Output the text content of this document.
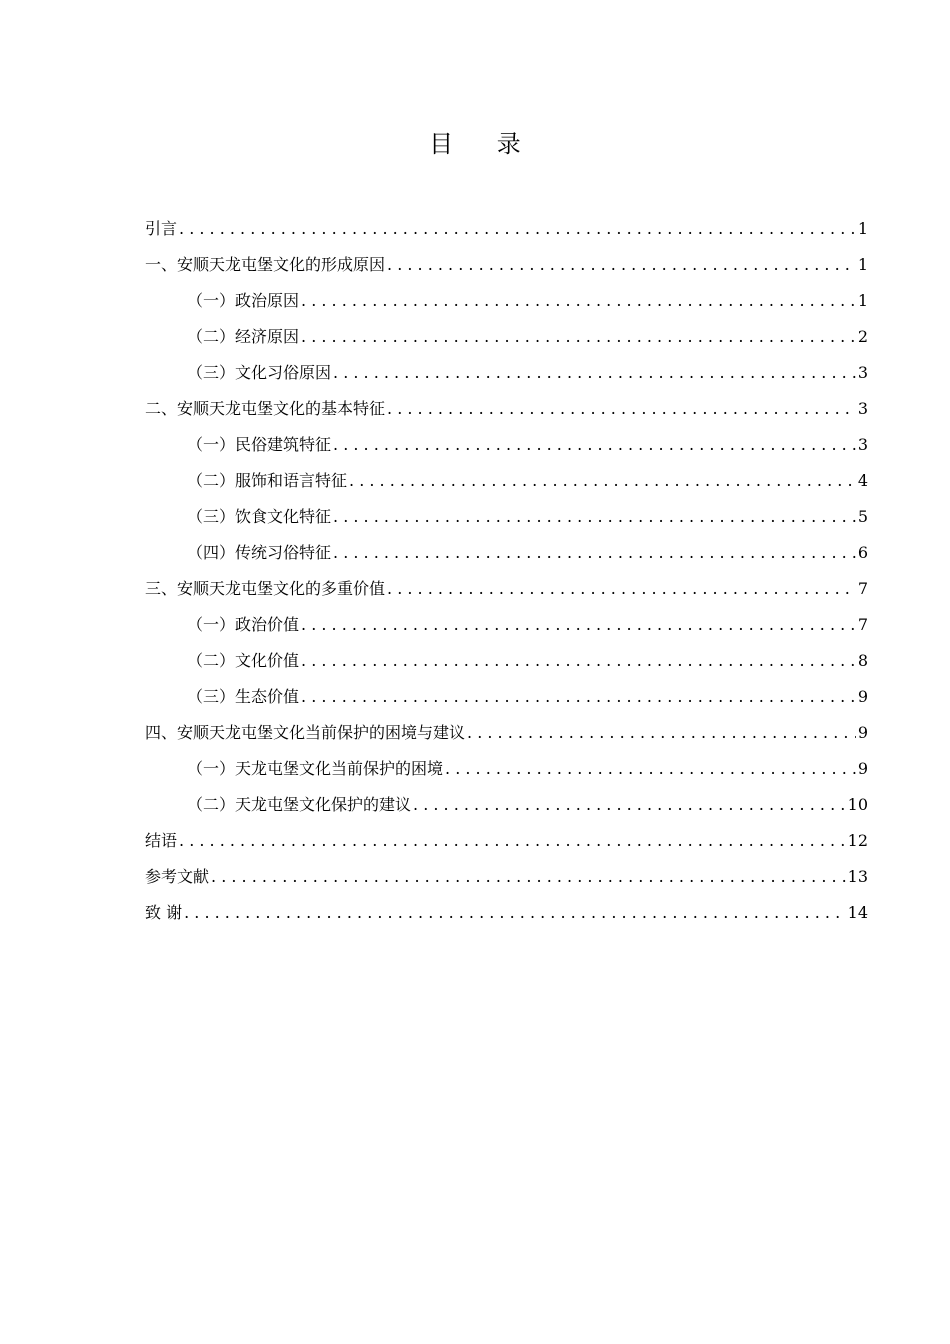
目 录
引言 . . .	1
一、安顺天龙屯堡文化的形成原因 . . .	1
（一）政治原因 . . .	1
（二）经济原因 . . .	2
（三）文化习俗原因 . . .	3
二、安顺天龙屯堡文化的基本特征 . . .	3
（一）民俗建筑特征 . . .	3
（二）服饰和语言特征 . . .	4
（三）饮食文化特征 . . .	5
（四）传统习俗特征 . . .	6
三、安顺天龙屯堡文化的多重价值 . . .	7
（一）政治价值 . . .	7
（二）文化价值 . . .	8
（三）生态价值 . . .	9
四、安顺天龙屯堡文化当前保护的困境与建议 . . .	9
（一）天龙屯堡文化当前保护的困境 . . .	9
（二）天龙屯堡文化保护的建议 . . .	10
结语 . . .	12
参考文献 . . .	13
致 谢 . . .	14
